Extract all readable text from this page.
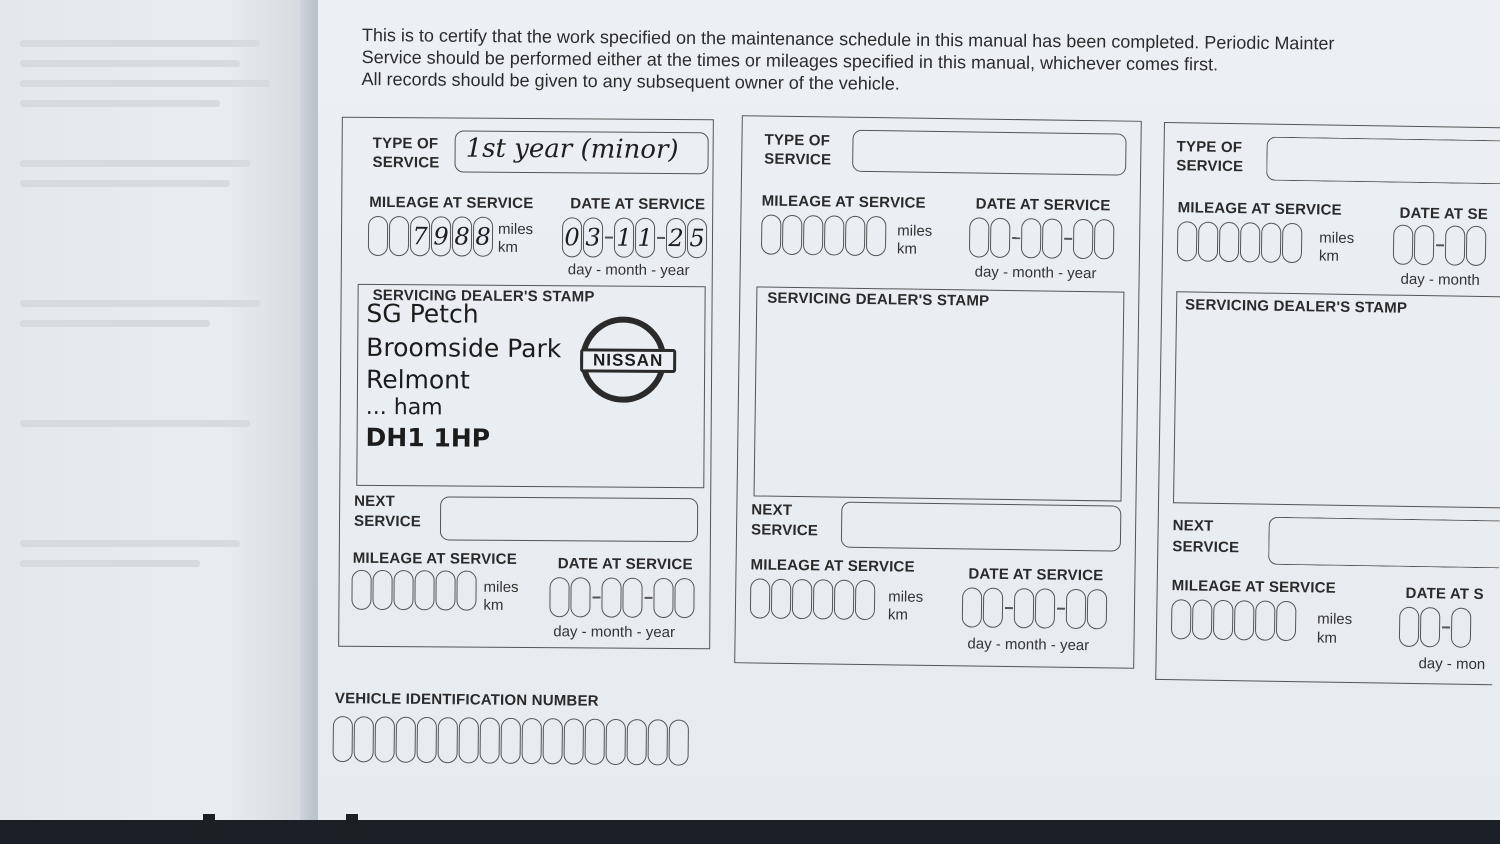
This is to certify that the work specified on the maintenance schedule in this manual has been completed. Periodic Mainter
Service should be performed either at the times or mileages specified in this manual, whichever comes first.
All records should be given to any subsequent owner of the vehicle.
TYPE OF
SERVICE 1st year (minor)
MILEAGE AT SERVICE DATE AT SERVICE
7 9 8 8 miles
km	0 3 1 1 2 5
day - month - year
SERVICING DEALER'S STAMP
SG Petch
Broomside Park
Relmont
... ham
DH1 1HP
NISSAN
NEXT
SERVICE
MILEAGE AT SERVICE	DATE AT SERVICE
miles
km
day - month - year
TYPE OF
SERVICE
MILEAGE AT SERVICE	DATE AT SERVICE
miles
km
day - month - year
SERVICING DEALER'S STAMP
NEXT
SERVICE
MILEAGE AT SERVICE	DATE AT SERVICE
miles
km
day - month - year
TYPE OF
SERVICE
MILEAGE AT SERVICE	DATE AT SE
miles
km
day - month
SERVICING DEALER'S STAMP
NEXT
SERVICE
MILEAGE AT SERVICE	DATE AT S
miles
km
day - mon
VEHICLE IDENTIFICATION NUMBER
